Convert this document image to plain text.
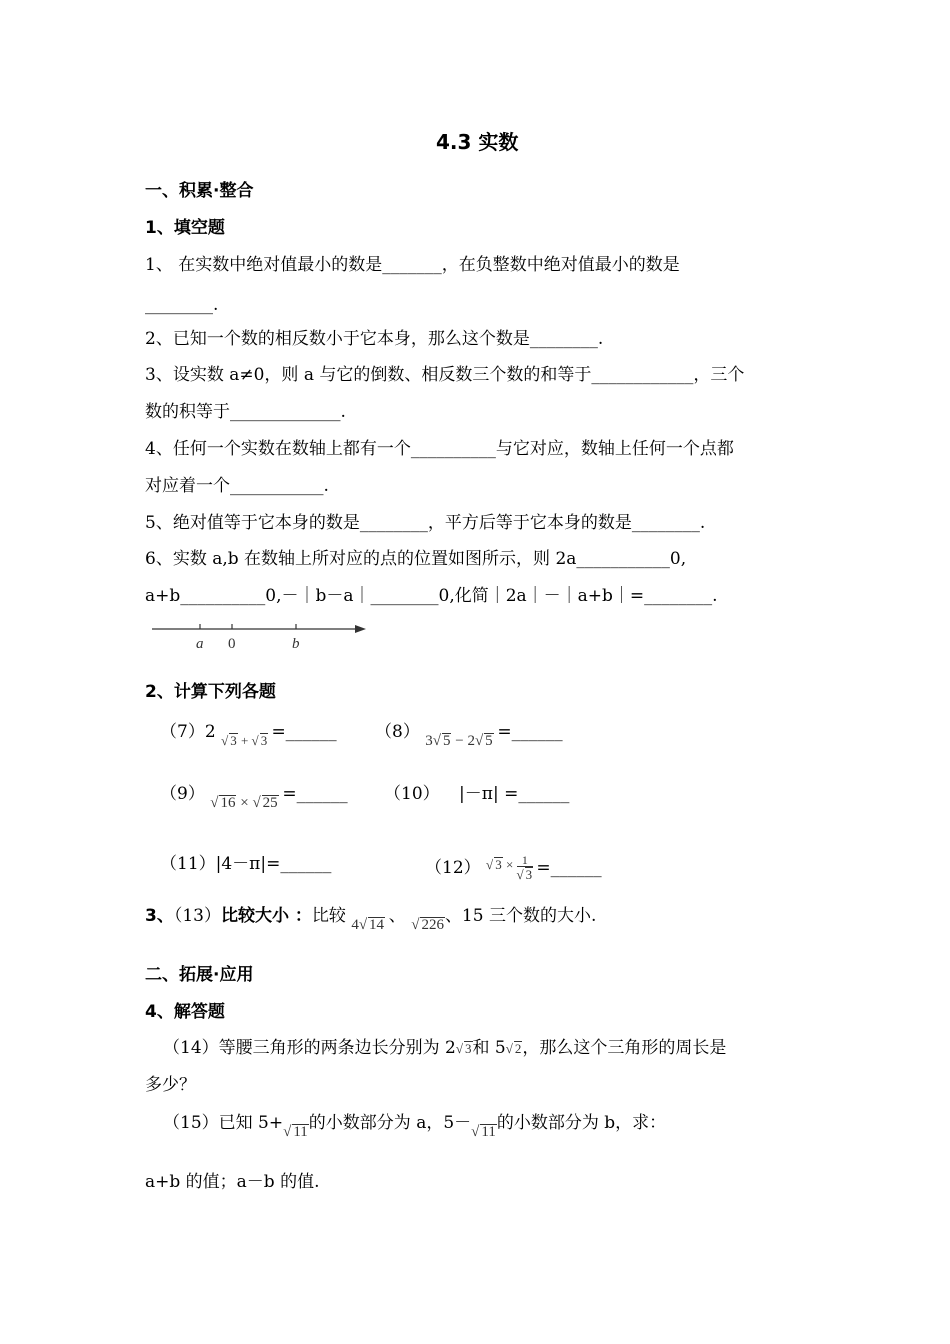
4.3 实数
一、积累·整合
1、填空题
1、 在实数中绝对值最小的数是_______，在负整数中绝对值最小的数是
________.
2、已知一个数的相反数小于它本身，那么这个数是________.
3、设实数 a≠0，则 a 与它的倒数、相反数三个数的和等于____________，三个
数的积等于_____________.
4、任何一个实数在数轴上都有一个__________与它对应，数轴上任何一个点都
对应着一个___________.
5、绝对值等于它本身的数是________，平方后等于它本身的数是________.
6、实数 a,b 在数轴上所对应的点的位置如图所示，则 2a___________0,
a+b__________0,－｜b－a｜________0,化简｜2a｜－｜a+b｜=________.
a 0	b
2、计算下列各题
（7）2 $_{√ 3 + √ 3}$ =______ （8） 3√ 5 − 2√ 5 =______
（9） √ 16 × √ 25 =______ （10） |－π| =______
（11）|4－π|=______	（12） $^{√ 3 \times \frac{1}{√ 3}}$ =______
3、（13）比较大小 ：比较 4√ 14 、 √ 226、15 三个数的大小.
二、拓展·应用
4、解答题
（14）等腰三角形的两条边长分别为 2√ 3和 5√ 2，那么这个三角形的周长是
多少？
（15）已知 5+√ 11的小数部分为 a，5－√ 11的小数部分为 b，求：
a+b 的值；a－b 的值.
